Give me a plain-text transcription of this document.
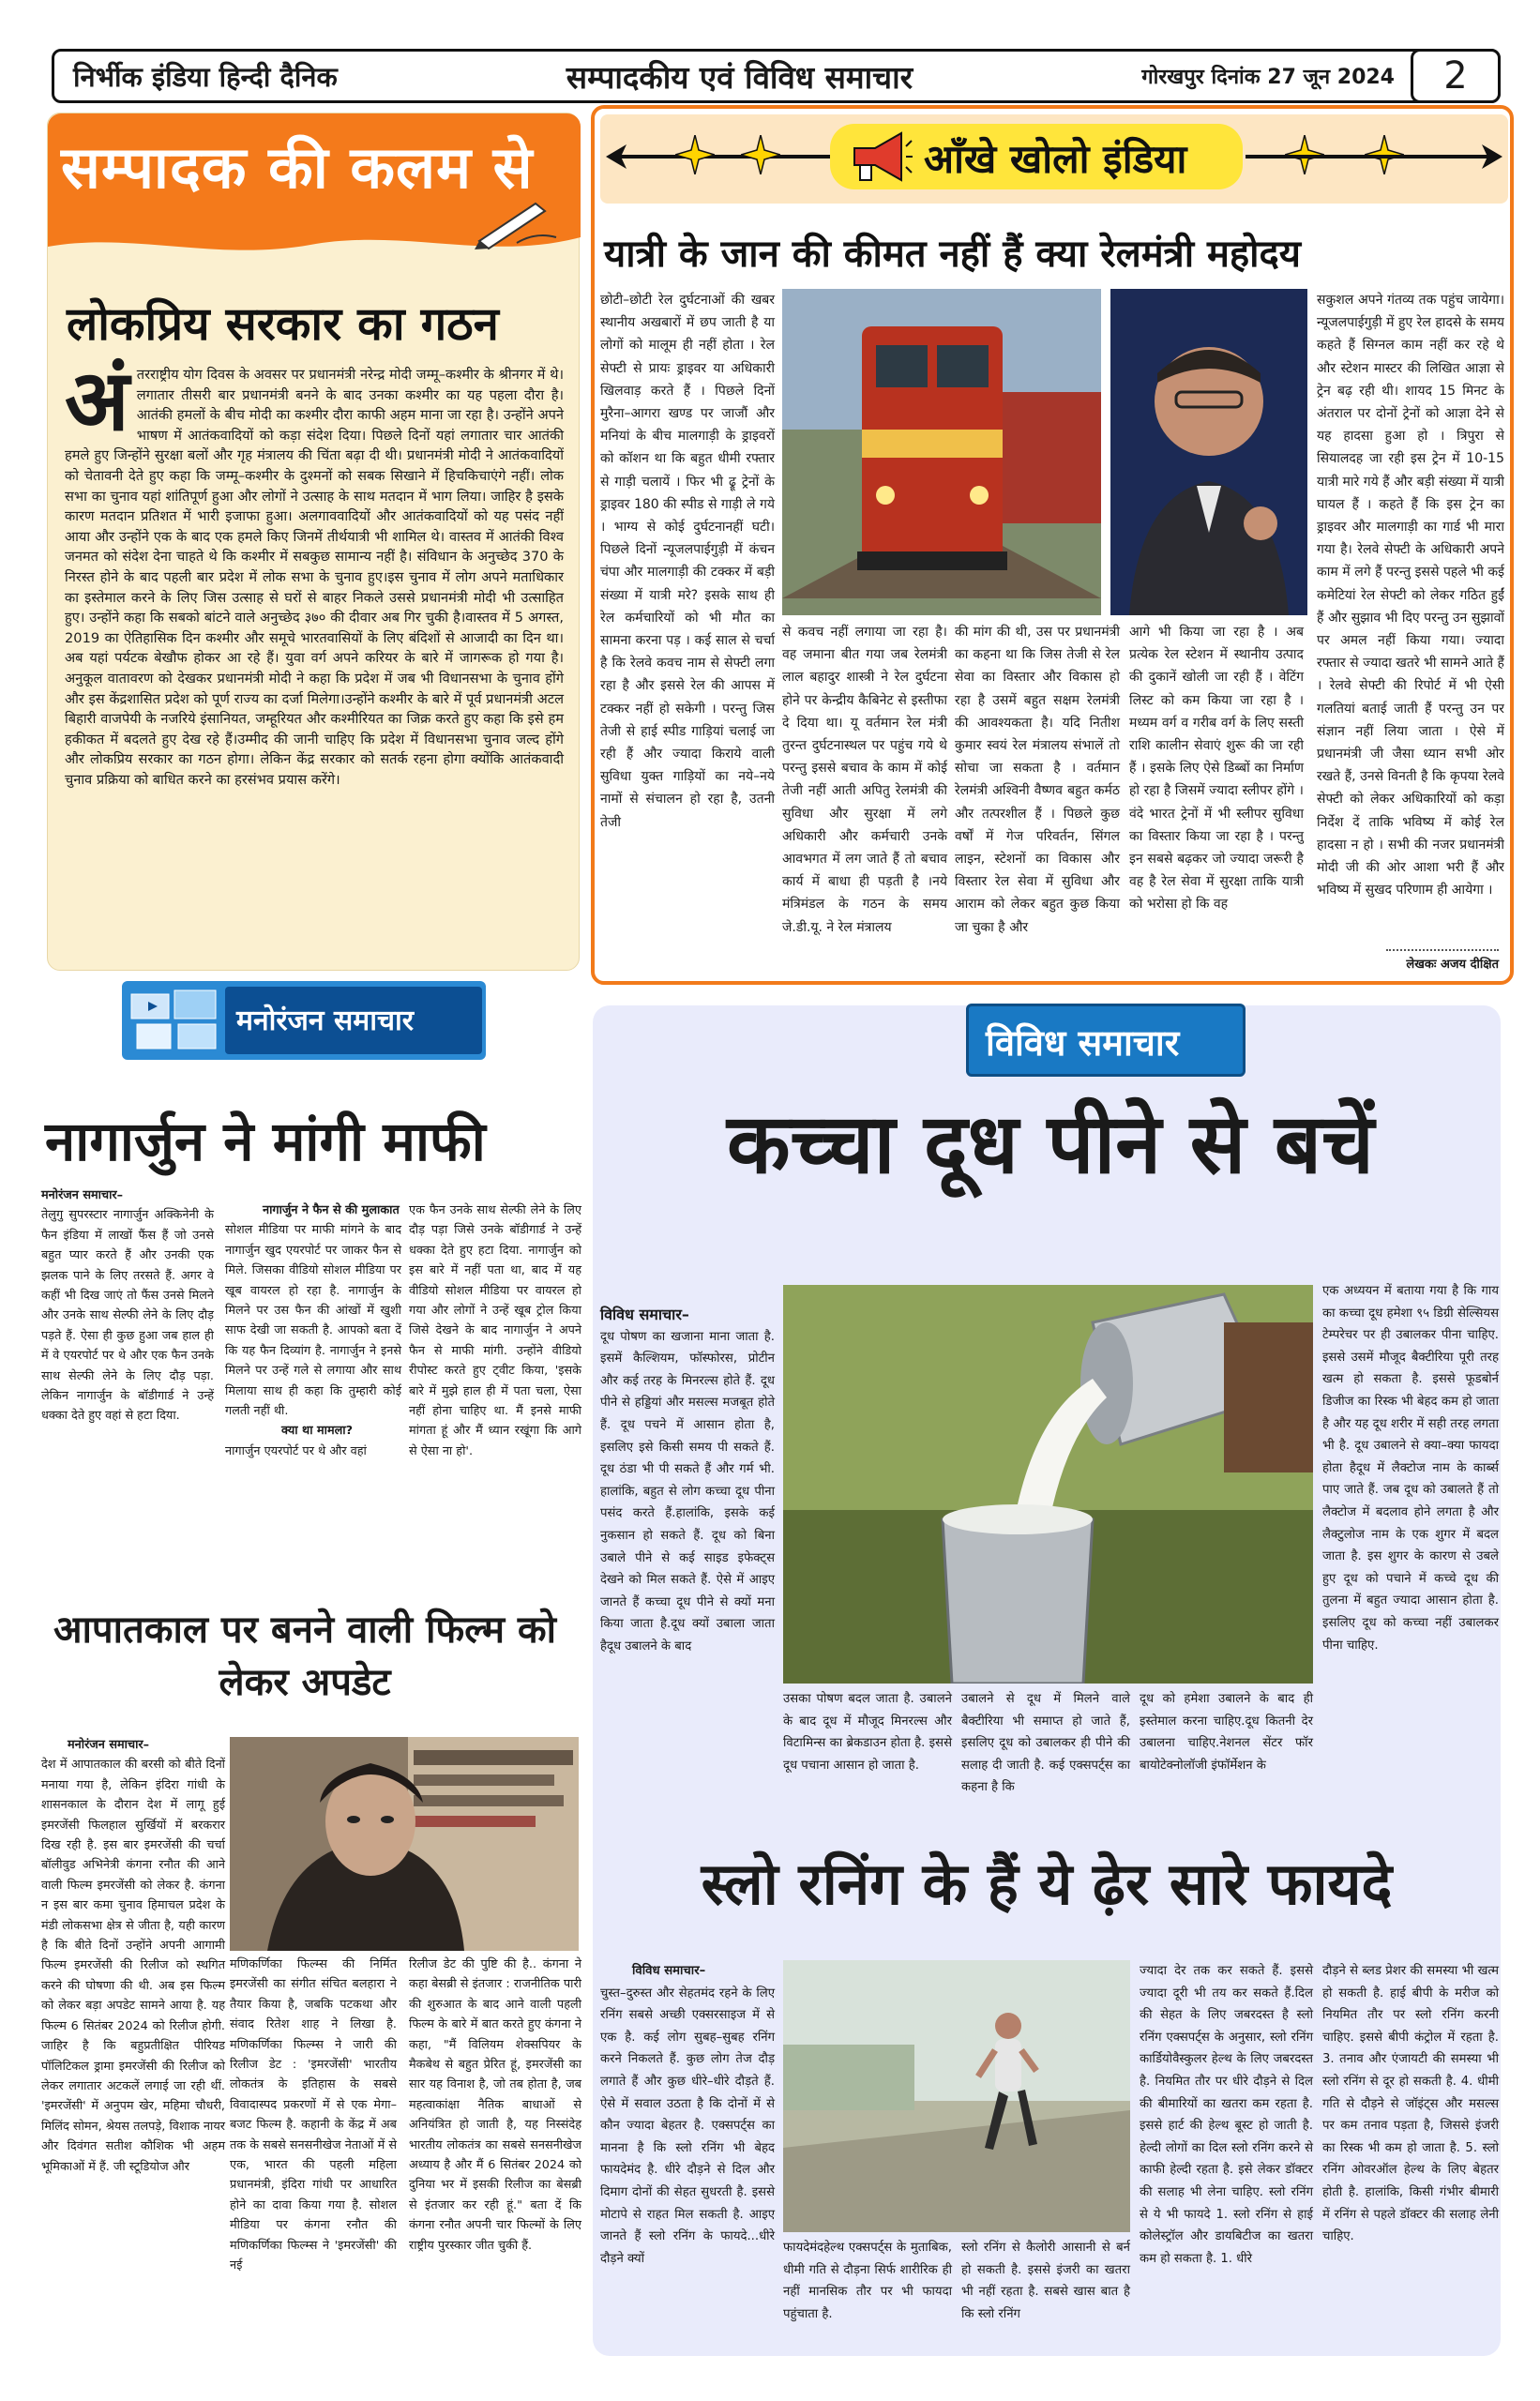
निर्भीक इंडिया हिन्दी दैनिक	सम्पादकीय एवं विविध समाचार	गोरखपुर दिनांक 27 जून 2024	2
सम्पादक की कलम से
लोकप्रिय सरकार का गठन
अं तरराष्ट्रीय योग दिवस के अवसर पर प्रधानमंत्री नरेन्द्र मोदी जम्मू–कश्मीर के श्रीनगर में थे। लगातार तीसरी बार प्रधानमंत्री बनने के बाद उनका कश्मीर का यह पहला दौरा है।आतंकी हमलों के बीच मोदी का कश्मीर दौरा काफी अहम माना जा रहा है। उन्होंने अपने भाषण में आतंकवादियों को कड़ा संदेश दिया। पिछले दिनों यहां लगातार चार आतंकी हमले हुए जिन्होंने सुरक्षा बलों और गृह मंत्रालय की चिंता बढ़ा दी थी। प्रधानमंत्री मोदी ने आतंकवादियों को चेतावनी देते हुए कहा कि जम्मू–कश्मीर के दुश्मनों को सबक सिखाने में हिचकिचाएंगे नहीं। लोक सभा का चुनाव यहां शांतिपूर्ण हुआ और लोगों ने उत्साह के साथ मतदान में भाग लिया। जाहिर है इसके कारण मतदान प्रतिशत में भारी इजाफा हुआ। अलगाववादियों और आतंकवादियों को यह पसंद नहीं आया और उन्होंने एक के बाद एक हमले किए जिनमें तीर्थयात्री भी शामिल थे। वास्तव में आतंकी विश्व जनमत को संदेश देना चाहते थे कि कश्मीर में सबकुछ सामान्य नहीं है। संविधान के अनुच्छेद 370 के निरस्त होने के बाद पहली बार प्रदेश में लोक सभा के चुनाव हुए।इस चुनाव में लोग अपने मताधिकार का इस्तेमाल करने के लिए जिस उत्साह से घरों से बाहर निकले उससे प्रधानमंत्री मोदी भी उत्साहित हुए। उन्होंने कहा कि सबको बांटने वाले अनुच्छेद ३७० की दीवार अब गिर चुकी है।वास्तव में 5 अगस्त, 2019 का ऐतिहासिक दिन कश्मीर और समूचे भारतवासियों के लिए बंदिशों से आजादी का दिन था। अब यहां पर्यटक बेखौफ होकर आ रहे हैं। युवा वर्ग अपने करियर के बारे में जागरूक हो गया है। अनुकूल वातावरण को देखकर प्रधानमंत्री मोदी ने कहा कि प्रदेश में जब भी विधानसभा के चुनाव होंगे और इस केंद्रशासित प्रदेश को पूर्ण राज्य का दर्जा मिलेगा।उन्होंने कश्मीर के बारे में पूर्व प्रधानमंत्री अटल बिहारी वाजपेयी के नजरिये इंसानियत, जम्हूरियत और कश्मीरियत का जिक्र करते हुए कहा कि इसे हम हकीकत में बदलते हुए देख रहे हैं।उम्मीद की जानी चाहिए कि प्रदेश में विधानसभा चुनाव जल्द होंगे और लोकप्रिय सरकार का गठन होगा। लेकिन केंद्र सरकार को सतर्क रहना होगा क्योंकि आतंकवादी चुनाव प्रक्रिया को बाधित करने का हरसंभव प्रयास करेंगे।
आँखे खोलो इंडिया
यात्री के जान की कीमत नहीं हैं क्या रेलमंत्री महोदय
छोटी–छोटी रेल दुर्घटनाओं की खबर स्थानीय अखबारों में छप जाती है या लोगों को मालूम ही नहीं होता । रेल सेफ्टी से प्रायः ड्राइवर या अधिकारी खिलवाड़ करते हैं । पिछले दिनों मुरैना–आगरा खण्ड पर जाजौं और मनियां के बीच मालगाड़ी के ड्राइवरों को कॉशन था कि बहुत धीमी रफ्तार से गाड़ी चलायें । फिर भी ढ्रू ट्रेनों के ड्राइवर 180 की स्पीड से गाड़ी ले गये । भाग्य से कोई दुर्घटनानहीं घटी। पिछले दिनों न्यूजलपाईगुड़ी में कंचन चंपा और मालगाड़ी की टक्कर में बड़ी संख्या में यात्री मरे? इसके साथ ही रेल कर्मचारियों को भी मौत का सामना करना पड़ । कई साल से चर्चा है कि रेलवे कवच नाम से सेफ्टी लगा रहा है और इससे रेल की आपस में टक्कर नहीं हो सकेगी । परन्तु जिस तेजी से हाई स्पीड गाड़ियां चलाई जा रही हैं और ज्यादा किराये वाली सुविधा युक्त गाड़ियों का नये–नये नामों से संचालन हो रहा है, उतनी तेजी
से कवच नहीं लगाया जा रहा है। वह जमाना बीत गया जब रेलमंत्री लाल बहादुर शास्त्री ने रेल दुर्घटना होने पर केन्द्रीय कैबिनेट से इस्तीफा दे दिया था। यू वर्तमान रेल मंत्री तुरन्त दुर्घटनास्थल पर पहुंच गये थे परन्तु इससे बचाव के काम में कोई तेजी नहीं आती अपितु रेलमंत्री की सुविधा और सुरक्षा में लगे अधिकारी और कर्मचारी उनके आवभगत में लग जाते हैं तो बचाव कार्य में बाधा ही पड़ती है ।नये मंत्रिमंडल के गठन के समय जे.डी.यू. ने रेल मंत्रालय
की मांग की थी, उस पर प्रधानमंत्री का कहना था कि जिस तेजी से रेल सेवा का विस्तार और विकास हो रहा है उसमें बहुत सक्षम रेलमंत्री की आवश्यकता है। यदि नितीश कुमार स्वयं रेल मंत्रालय संभालें तो सोचा जा सकता है । वर्तमान रेलमंत्री अश्विनी वैष्णव बहुत कर्मठ और तत्परशील हैं । पिछले कुछ वर्षों में गेज परिवर्तन, सिंगल लाइन, स्टेशनों का विकास और विस्तार रेल सेवा में सुविधा और आराम को लेकर बहुत कुछ किया जा चुका है और
आगे भी किया जा रहा है । अब प्रत्येक रेल स्टेशन में स्थानीय उत्पाद की दुकानें खोली जा रही हैं । वेटिंग लिस्ट को कम किया जा रहा है । मध्यम वर्ग व गरीब वर्ग के लिए सस्ती राशि कालीन सेवाएं शुरू की जा रही हैं । इसके लिए ऐसे डिब्बों का निर्माण हो रहा है जिसमें ज्यादा स्लीपर होंगे । वंदे भारत ट्रेनों में भी स्लीपर सुविधा का विस्तार किया जा रहा है । परन्तु इन सबसे बढ़कर जो ज्यादा जरूरी है वह है रेल सेवा में सुरक्षा ताकि यात्री को भरोसा हो कि वह
सकुशल अपने गंतव्य तक पहुंच जायेगा। न्यूजलपाईगुड़ी में हुए रेल हादसे के समय कहते हैं सिग्नल काम नहीं कर रहे थे और स्टेशन मास्टर की लिखित आज्ञा से ट्रेन बढ़ रही थी। शायद 15 मिनट के अंतराल पर दोनों ट्रेनों को आज्ञा देने से यह हादसा हुआ हो । त्रिपुरा से सियालदह जा रही इस ट्रेन में 10-15 यात्री मारे गये हैं और बड़ी संख्या में यात्री घायल हैं । कहते हैं कि इस ट्रेन का ड्राइवर और मालगाड़ी का गार्ड भी मारा गया है। रेलवे सेफ्टी के अधिकारी अपने काम में लगे हैं परन्तु इससे पहले भी कई कमेटियां रेल सेफ्टी को लेकर गठित हुईं हैं और सुझाव भी दिए परन्तु उन सुझावों पर अमल नहीं किया गया। ज्यादा रफ्तार से ज्यादा खतरे भी सामने आते हैं । रेलवे सेफ्टी की रिपोर्ट में भी ऐसी गलतियां बताई जाती हैं परन्तु उन पर संज्ञान नहीं लिया जाता । ऐसे में प्रधानमंत्री जी जैसा ध्यान सभी ओर रखते हैं, उनसे विनती है कि कृपया रेलवे सेफ्टी को लेकर अधिकारियों को कड़ा निर्देश दें ताकि भविष्य में कोई रेल हादसा न हो । सभी की नजर प्रधानमंत्री मोदी जी की ओर आशा भरी हैं और भविष्य में सुखद परिणाम ही आयेगा ।
लेखकः अजय दीक्षित
मनोरंजन समाचार
नागार्जुन ने मांगी माफी
मनोरंजन समाचार–
तेलुगु सुपरस्टार नागार्जुन अक्किनेनी के फैन इंडिया में लाखों फैंस हैं जो उनसे बहुत प्यार करते हैं और उनकी एक झलक पाने के लिए तरसते हैं. अगर वे कहीं भी दिख जाएं तो फैंस उनसे मिलने और उनके साथ सेल्फी लेने के लिए दौड़ पड़ते हैं. ऐसा ही कुछ हुआ जब हाल ही में वे एयरपोर्ट पर थे और एक फैन उनके साथ सेल्फी लेने के लिए दौड़ पड़ा. लेकिन नागार्जुन के बॉडीगार्ड ने उन्हें धक्का देते हुए वहां से हटा दिया.
नागार्जुन ने फैन से की मुलाकात
सोशल मीडिया पर माफी मांगने के बाद नागार्जुन खुद एयरपोर्ट पर जाकर फैन से मिले. जिसका वीडियो सोशल मीडिया पर खूब वायरल हो रहा है. नागार्जुन के मिलने पर उस फैन की आंखों में खुशी साफ देखी जा सकती है. आपको बता दें कि यह फैन दिव्यांग है. नागार्जुन ने इनसे मिलने पर उन्हें गले से लगाया और साथ मिलाया साथ ही कहा कि तुम्हारी कोई गलती नहीं थी.
क्या था मामला?
नागार्जुन एयरपोर्ट पर थे और वहां
एक फैन उनके साथ सेल्फी लेने के लिए दौड़ पड़ा जिसे उनके बॉडीगार्ड ने उन्हें धक्का देते हुए हटा दिया. नागार्जुन को इस बारे में नहीं पता था, बाद में यह वीडियो सोशल मीडिया पर वायरल हो गया और लोगों ने उन्हें खूब ट्रोल किया जिसे देखने के बाद नागार्जुन ने अपने फैन से माफी मांगी. उन्होंने वीडियो रीपोस्ट करते हुए ट्वीट किया, 'इसके बारे में मुझे हाल ही में पता चला, ऐसा नहीं होना चाहिए था. मैं इनसे माफी मांगता हूं और मैं ध्यान रखूंगा कि आगे से ऐसा ना हो'.
आपातकाल पर बनने वाली फिल्म को लेकर अपडेट
मनोरंजन समाचार–
देश में आपातकाल की बरसी को बीते दिनों मनाया गया है, लेकिन इंदिरा गांधी के शासनकाल के दौरान देश में लागू हुई इमरजेंसी फिलहाल सुर्खियों में बरकरार दिख रही है. इस बार इमरजेंसी की चर्चा बॉलीवुड अभिनेत्री कंगना रनौत की आने वाली फिल्म इमरजेंसी को लेकर है. कंगना न इस बार कमा चुनाव हिमाचल प्रदेश के मंडी लोकसभा क्षेत्र से जीता है, यही कारण है कि बीते दिनों उन्होंने अपनी आगामी फिल्म इमरजेंसी की रिलीज को स्थगित करने की घोषणा की थी. अब इस फिल्म को लेकर बड़ा अपडेट सामने आया है. यह फिल्म 6 सितंबर 2024 को रिलीज होगी. जाहिर है कि बहुप्रतीक्षित पीरियड पॉलिटिकल ड्रामा इमरजेंसी की रिलीज को लेकर लगातार अटकलें लगाई जा रही थीं. 'इमरजेंसी' में अनुपम खेर, महिमा चौधरी, मिलिंद सोमन, श्रेयस तलपड़े, विशाक नायर और दिवंगत सतीश कौशिक भी अहम भूमिकाओं में हैं. जी स्टूडियोज और
मणिकर्णिका फिल्म्स की निर्मित इमरजेंसी का संगीत संचित बलहारा ने तैयार किया है, जबकि पटकथा और संवाद रितेश शाह ने लिखा है. मणिकर्णिका फिल्म्स ने जारी की रिलीज डेट : 'इमरजेंसी' भारतीय लोकतंत्र के इतिहास के सबसे विवादास्पद प्रकरणों में से एक मेगा–बजट फिल्म है. कहानी के केंद्र में अब तक के सबसे सनसनीखेज नेताओं में से एक, भारत की पहली महिला प्रधानमंत्री, इंदिरा गांधी पर आधारित होने का दावा किया गया है. सोशल मीडिया पर कंगना रनौत की मणिकर्णिका फिल्म्स ने 'इमरजेंसी' की नई
रिलीज डेट की पुष्टि की है.. कंगना ने कहा बेसब्री से इंतजार : राजनीतिक पारी की शुरुआत के बाद आने वाली पहली फिल्म के बारे में बात करते हुए कंगना ने कहा, "मैं विलियम शेक्सपियर के मैकबेथ से बहुत प्रेरित हूं, इमरजेंसी का सार यह विनाश है, जो तब होता है, जब महत्वाकांक्षा नैतिक बाधाओं से अनियंत्रित हो जाती है, यह निस्संदेह भारतीय लोकतंत्र का सबसे सनसनीखेज अध्याय है और मैं 6 सितंबर 2024 को दुनिया भर में इसकी रिलीज का बेसब्री से इंतजार कर रही हूं." बता दें कि कंगना रनौत अपनी चार फिल्मों के लिए राष्ट्रीय पुरस्कार जीत चुकी हैं.
विविध समाचार
कच्चा दूध पीने से बचें
विविध समाचार–
दूध पोषण का खजाना माना जाता है. इसमें कैल्शियम, फॉस्फोरस, प्रोटीन और कई तरह के मिनरल्स होते हैं. दूध पीने से हड्डियां और मसल्स मजबूत होते हैं. दूध पचने में आसान होता है, इसलिए इसे किसी समय पी सकते हैं. दूध ठंडा भी पी सकते हैं और गर्म भी. हालांकि, बहुत से लोग कच्चा दूध पीना पसंद करते हैं.हालांकि, इसके कई नुकसान हो सकते हैं. दूध को बिना उबाले पीने से कई साइड इफेक्ट्स देखने को मिल सकते हैं. ऐसे में आइए जानते हैं कच्चा दूध पीने से क्यों मना किया जाता है.दूध क्यों उबाला जाता हैदूध उबालने के बाद
उसका पोषण बदल जाता है. उबालने के बाद दूध में मौजूद मिनरल्स और विटामिन्स का ब्रेकडाउन होता है. इससे दूध पचाना आसान हो जाता है.
उबालने से दूध में मिलने वाले बैक्टीरिया भी समाप्त हो जाते हैं, इसलिए दूध को उबालकर ही पीने की सलाह दी जाती है. कई एक्सपर्ट्स का कहना है कि
दूध को हमेशा उबालने के बाद ही इस्तेमाल करना चाहिए.दूध कितनी देर उबालना चाहिए.नेशनल सेंटर फॉर बायोटेक्नोलॉजी इंफॉर्मेशन के
एक अध्ययन में बताया गया है कि गाय का कच्चा दूध हमेशा ९५ डिग्री सेल्सियस टेम्परेचर पर ही उबालकर पीना चाहिए. इससे उसमें मौजूद बैक्टीरिया पूरी तरह खत्म हो सकता है. इससे फूडबोर्न डिजीज का रिस्क भी बेहद कम हो जाता है और यह दूध शरीर में सही तरह लगता भी है. दूध उबालने से क्या–क्या फायदा होता हैदूध में लैक्टोज नाम के कार्ब्स पाए जाते हैं. जब दूध को उबालते हैं तो लैक्टोज में बदलाव होने लगता है और लैक्टुलोज नाम के एक शुगर में बदल जाता है. इस शुगर के कारण से उबले हुए दूध को पचाने में कच्चे दूध की तुलना में बहुत ज्यादा आसान होता है. इसलिए दूध को कच्चा नहीं उबालकर पीना चाहिए.
स्लो रनिंग के हैं ये ढ़ेर सारे फायदे
विविध समाचार–
चुस्त–दुरुस्त और सेहतमंद रहने के लिए रनिंग सबसे अच्छी एक्सरसाइज में से एक है. कई लोग सुबह–सुबह रनिंग करने निकलते हैं. कुछ लोग तेज दौड़ लगाते हैं और कुछ धीरे–धीरे दौड़ते हैं. ऐसे में सवाल उठता है कि दोनों में से कौन ज्यादा बेहतर है. एक्सपर्ट्स का मानना है कि स्लो रनिंग भी बेहद फायदेमंद है. धीरे दौड़ने से दिल और दिमाग दोनों की सेहत सुधरती है. इससे मोटापे से राहत मिल सकती है. आइए जानते हैं स्लो रनिंग के फायदे...धीरे दौड़ने क्यों
फायदेमंदहेल्थ एक्सपर्ट्स के मुताबिक, धीमी गति से दौड़ना सिर्फ शारीरिक ही नहीं मानसिक तौर पर भी फायदा पहुंचाता है.
स्लो रनिंग से कैलोरी आसानी से बर्न हो सकती है. इससे इंजरी का खतरा भी नहीं रहता है. सबसे खास बात है कि स्लो रनिंग
ज्यादा देर तक कर सकते हैं. इससे ज्यादा दूरी भी तय कर सकते हैं.दिल की सेहत के लिए जबरदस्त है स्लो रनिंग एक्सपर्ट्स के अनुसार, स्लो रनिंग कार्डियोवैस्कुलर हेल्थ के लिए जबरदस्त है. नियमित तौर पर धीरे दौड़ने से दिल की बीमारियों का खतरा कम रहता है. इससे हार्ट की हेल्थ बूस्ट हो जाती है. हेल्दी लोगों का दिल स्लो रनिंग करने से काफी हेल्दी रहता है. इसे लेकर डॉक्टर की सलाह भी लेना चाहिए. स्लो रनिंग से ये भी फायदे 1. स्लो रनिंग से हाई कोलेस्ट्रॉल और डायबिटीज का खतरा कम हो सकता है. 1. धीरे
दौड़ने से ब्लड प्रेशर की समस्या भी खत्म हो सकती है. हाई बीपी के मरीज को नियमित तौर पर स्लो रनिंग करनी चाहिए. इससे बीपी कंट्रोल में रहता है. 3. तनाव और एंजायटी की समस्या भी स्लो रनिंग से दूर हो सकती है. 4. धीमी गति से दौड़ने से जॉइंट्स और मसल्स पर कम तनाव पड़ता है, जिससे इंजरी का रिस्क भी कम हो जाता है. 5. स्लो रनिंग ओवरऑल हेल्थ के लिए बेहतर होती है. हालांकि, किसी गंभीर बीमारी में रनिंग से पहले डॉक्टर की सलाह लेनी चाहिए.
